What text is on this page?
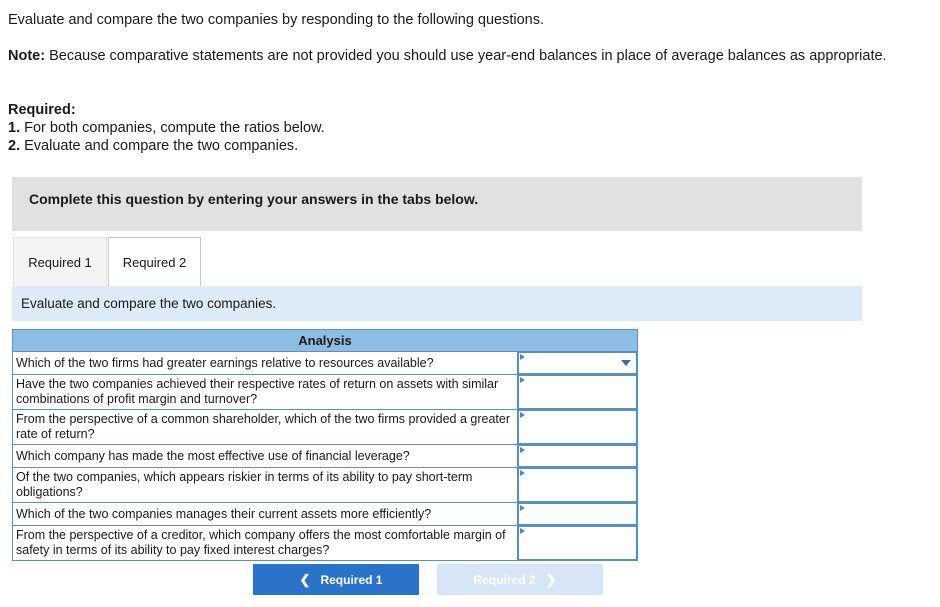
Evaluate and compare the two companies by responding to the following questions.
Note: Because comparative statements are not provided you should use year-end balances in place of average balances as appropriate.
Required:
1. For both companies, compute the ratios below.
2. Evaluate and compare the two companies.
Complete this question by entering your answers in the tabs below.
Required 1	Required 2
Evaluate and compare the two companies.
Analysis	
Which of the two firms had greater earnings relative to resources available?	

Have the two companies achieved their respective rates of return on assets with similar combinations of profit margin and turnover?	

From the perspective of a common shareholder, which of the two firms provided a greater rate of return?	

Which company has made the most effective use of financial leverage?	

Of the two companies, which appears riskier in terms of its ability to pay short-term obligations?	

Which of the two companies manages their current assets more efficiently?	

From the perspective of a creditor, which company offers the most comfortable margin of safety in terms of its ability to pay fixed interest charges?	
❮ Required 1	Required 2 ❯
